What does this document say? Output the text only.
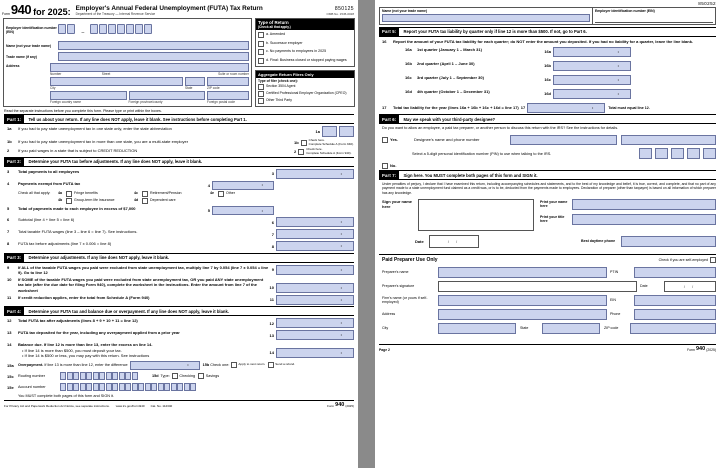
Form 940 for 2025: Employer's Annual Federal Unemployment (FUTA) Tax Return
Department of the Treasury — Internal Revenue Service
850125
OMB No. 1545-0028
Employer identification number (EIN)	–
Name (not your trade name)
Trade name (if any)
Address
Number	Street	Suite or room number
City	State	ZIP code
Foreign country name	Foreign province/county	Foreign postal code
Type of Return
(Check all that apply.)
a. Amended
b. Successor employer
c. No payments to employees in 2025
d. Final: Business closed or stopped paying wages
Aggregate Return Filers Only
Type of filer (check one):
Section 3504 Agent
Certified Professional Employer Organization (CPEO)
Other Third Party
Read the separate instructions before you complete this form. Please type or print within the boxes.
Part 1:	Tell us about your return. If any line does NOT apply, leave it blank. See instructions before completing Part 1.
1a	If you had to pay state unemployment tax in one state only, enter the state abbreviation
1a
1b	If you had to pay state unemployment tax in more than one state, you are a multi-state employer	1b	Check here.
Complete Schedule A (Form 940).
2	If you paid wages in a state that is subject to CREDIT REDUCTION	2	Check here.
Complete Schedule A (Form 940).
Part 2:	Determine your FUTA tax before adjustments. If any line does NOT apply, leave it blank.
3	Total payments to all employees	3
•
4	Payments exempt from FUTA tax	4
•
Check all that apply:	4a	Fringe benefits	4c	Retirement/Pension	4e	Other
4b	Group-term life insurance	4d	Dependent care
5	Total of payments made to each employee in excess of $7,000	5
•
6	Subtotal (line 4 + line 5 = line 6)	6
•
7	Total taxable FUTA wages (line 3 – line 6 = line 7). See instructions.	7
•
8	FUTA tax before adjustments (line 7 x 0.006 = line 8)	8
•
Part 3:	Determine your adjustments. If any line does NOT apply, leave it blank.
9	If ALL of the taxable FUTA wages you paid were excluded from state unemployment tax, multiply line 7 by 0.054 (line 7 x 0.054 = line 9). Go to line 12
9
•
10	If SOME of the taxable FUTA wages you paid were excluded from state unemployment tax, OR you paid ANY state unemployment tax late (after the due date for filing Form 940), complete the worksheet in the instructions. Enter the amount from line 7 of the worksheet	10
•
11	If credit reduction applies, enter the total from Schedule A (Form 940)	11
•
Part 4:	Determine your FUTA tax and balance due or overpayment. If any line does NOT apply, leave it blank.
12	Total FUTA tax after adjustments (lines 8 + 9 + 10 + 11 = line 12)	12
•
13	FUTA tax deposited for the year, including any overpayment applied from a prior year	13
•
14	Balance due. If line 12 is more than line 13, enter the excess on line 14.
• If line 14 is more than $500, you must deposit your tax.
• If line 14 is $500 or less, you may pay with this return. See instructions	14
•
15a	Overpayment. If line 13 is more than line 12, enter the difference •	15b Check one:	Apply to next return.	Send a refund.
15c	Routing number	15d Type:	Checking	Savings
15e	Account number
You MUST complete both pages of this form and SIGN it.
For Privacy Act and Paperwork Reduction Act Notice, see separate instructions. www.irs.gov/Form940 Cat. No. 112340	Form 940 (2025)
850252
Name (not your trade name)	Employer identification number (EIN)
Part 5:	Report your FUTA tax liability by quarter only if line 12 is more than $500. If not, go to Part 6.
16	Report the amount of your FUTA tax liability for each quarter; do NOT enter the amount you deposited. If you had no liability for a quarter, leave the line blank.
16a	1st quarter (January 1 – March 31)	16a
•
16b	2nd quarter (April 1 – June 30)	16b
•
16c	3rd quarter (July 1 – September 30)	16c
•
16d	4th quarter (October 1 – December 31)	16d
•
17	Total tax liability for the year (lines 16a + 16b + 16c + 16d = line 17) 17 •	Total must equal line 12.
Part 6:	May we speak with your third-party designee?
Do you want to allow an employee, a paid tax preparer, or another person to discuss this return with the IRS? See the instructions for details.
Yes.	Designee's name and phone number
Select a 5-digit personal identification number (PIN) to use when talking to the IRS.

No.
Part 7:	Sign here. You MUST complete both pages of this form and SIGN it.
Under penalties of perjury, I declare that I have examined this return, including accompanying schedules and statements, and to the best of my knowledge and belief, it is true, correct, and complete, and that no part of any payment made to a state unemployment fund claimed as a credit was, or is to be, deducted from the payments made to employees. Declaration of preparer (other than taxpayer) is based on all information of which preparer has any knowledge.
Sign your name here
Print your name here
Print your title here
Date	/ /	Best daytime phone
Paid Preparer Use Only	Check if you are self-employed
Preparer's name	PTIN
Preparer's signature	Date	/ /
Firm's name (or yours if self-employed)	EIN
Address	Phone
City	State	ZIP code
Page 2	Form 940 (2025)
